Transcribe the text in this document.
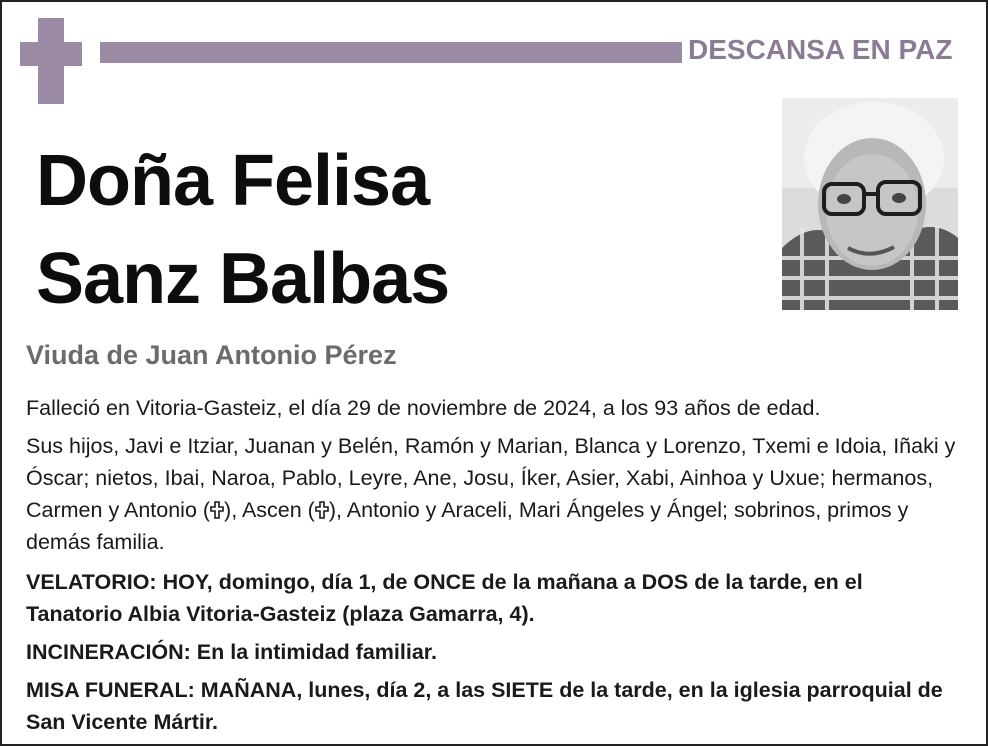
DESCANSA EN PAZ
Doña Felisa
Sanz Balbas
Viuda de Juan Antonio Pérez
Falleció en Vitoria-Gasteiz, el día 29 de noviembre de 2024, a los 93 años de edad.
Sus hijos, Javi e Itziar, Juanan y Belén, Ramón y Marian, Blanca y Lorenzo, Txemi e Idoia, Iñaki y Óscar; nietos, Ibai, Naroa, Pablo, Leyre, Ane, Josu, Íker, Asier, Xabi, Ainhoa y Uxue; hermanos, Carmen y Antonio ( ), Ascen ( ), Antonio y Araceli, Mari Ángeles y Ángel; sobrinos, primos y demás familia.
VELATORIO: HOY, domingo, día 1, de ONCE de la mañana a DOS de la tarde, en el Tanatorio Albia Vitoria-Gasteiz (plaza Gamarra, 4).
INCINERACIÓN: En la intimidad familiar.
MISA FUNERAL: MAÑANA, lunes, día 2, a las SIETE de la tarde, en la iglesia parroquial de San Vicente Mártir.
